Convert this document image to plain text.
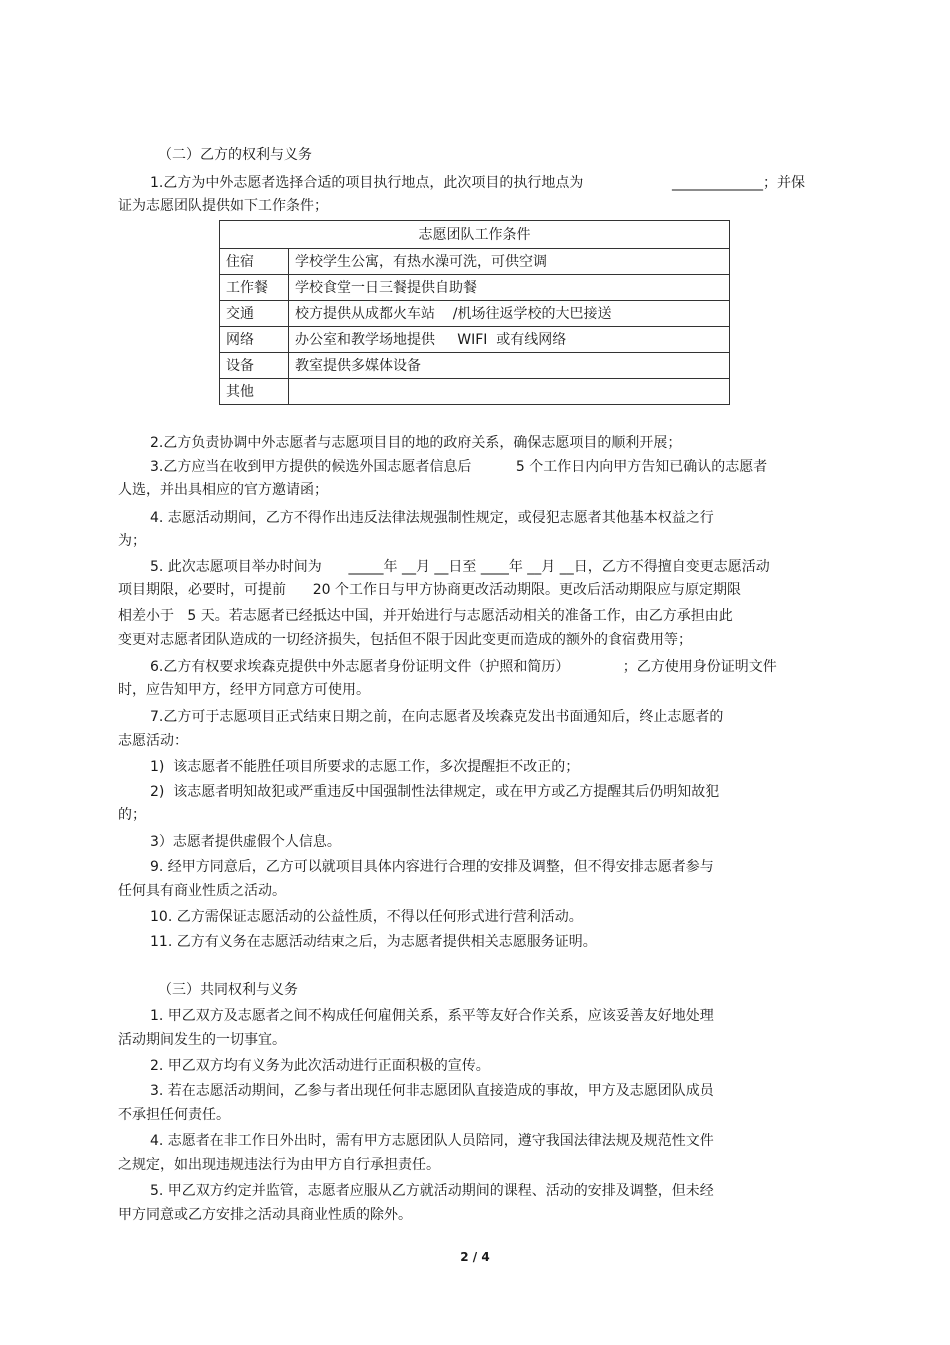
（二）乙方的权利与义务
1.乙方为中外志愿者选择合适的项目执行地点，此次项目的执行地点为	_____________；并保
证为志愿团队提供如下工作条件；
志愿团队工作条件	
住宿	学校学生公寓，有热水澡可洗，可供空调
工作餐	学校食堂一日三餐提供自助餐
交通	校方提供从成都火车站    /机场往返学校的大巴接送
网络	办公室和教学场地提供     WIFI  或有线网络
设备	教室提供多媒体设备
其他	
2.乙方负责协调中外志愿者与志愿项目目的地的政府关系，确保志愿项目的顺利开展；
3.乙方应当在收到甲方提供的候选外国志愿者信息后          5 个工作日内向甲方告知已确认的志愿者
人选，并出具相应的官方邀请函；
4. 志愿活动期间，乙方不得作出违反法律法规强制性规定，或侵犯志愿者其他基本权益之行
为；
5. 此次志愿项目举办时间为      _____年 __月 __日至 ____年 __月 __日，乙方不得擅自变更志愿活动
项目期限，必要时，可提前      20 个工作日与甲方协商更改活动期限。更改后活动期限应与原定期限
相差小于   5 天。若志愿者已经抵达中国，并开始进行与志愿活动相关的准备工作，由乙方承担由此
变更对志愿者团队造成的一切经济损失，包括但不限于因此变更而造成的额外的食宿费用等；
6.乙方有权要求埃森克提供中外志愿者身份证明文件（护照和简历）            ；乙方使用身份证明文件
时，应告知甲方，经甲方同意方可使用。
7.乙方可于志愿项目正式结束日期之前，在向志愿者及埃森克发出书面通知后，终止志愿者的
志愿活动：
1)  该志愿者不能胜任项目所要求的志愿工作，多次提醒拒不改正的；
2)  该志愿者明知故犯或严重违反中国强制性法律规定，或在甲方或乙方提醒其后仍明知故犯
的；
3）志愿者提供虚假个人信息。
9. 经甲方同意后，乙方可以就项目具体内容进行合理的安排及调整，但不得安排志愿者参与
任何具有商业性质之活动。
10. 乙方需保证志愿活动的公益性质，不得以任何形式进行营利活动。
11. 乙方有义务在志愿活动结束之后，为志愿者提供相关志愿服务证明。
（三）共同权利与义务
1. 甲乙双方及志愿者之间不构成任何雇佣关系，系平等友好合作关系，应该妥善友好地处理
活动期间发生的一切事宜。
2. 甲乙双方均有义务为此次活动进行正面积极的宣传。
3. 若在志愿活动期间，乙参与者出现任何非志愿团队直接造成的事故，甲方及志愿团队成员
不承担任何责任。
4. 志愿者在非工作日外出时，需有甲方志愿团队人员陪同，遵守我国法律法规及规范性文件
之规定，如出现违规违法行为由甲方自行承担责任。
5. 甲乙双方约定并监管，志愿者应服从乙方就活动期间的课程、活动的安排及调整，但未经
甲方同意或乙方安排之活动具商业性质的除外。
2 / 4
